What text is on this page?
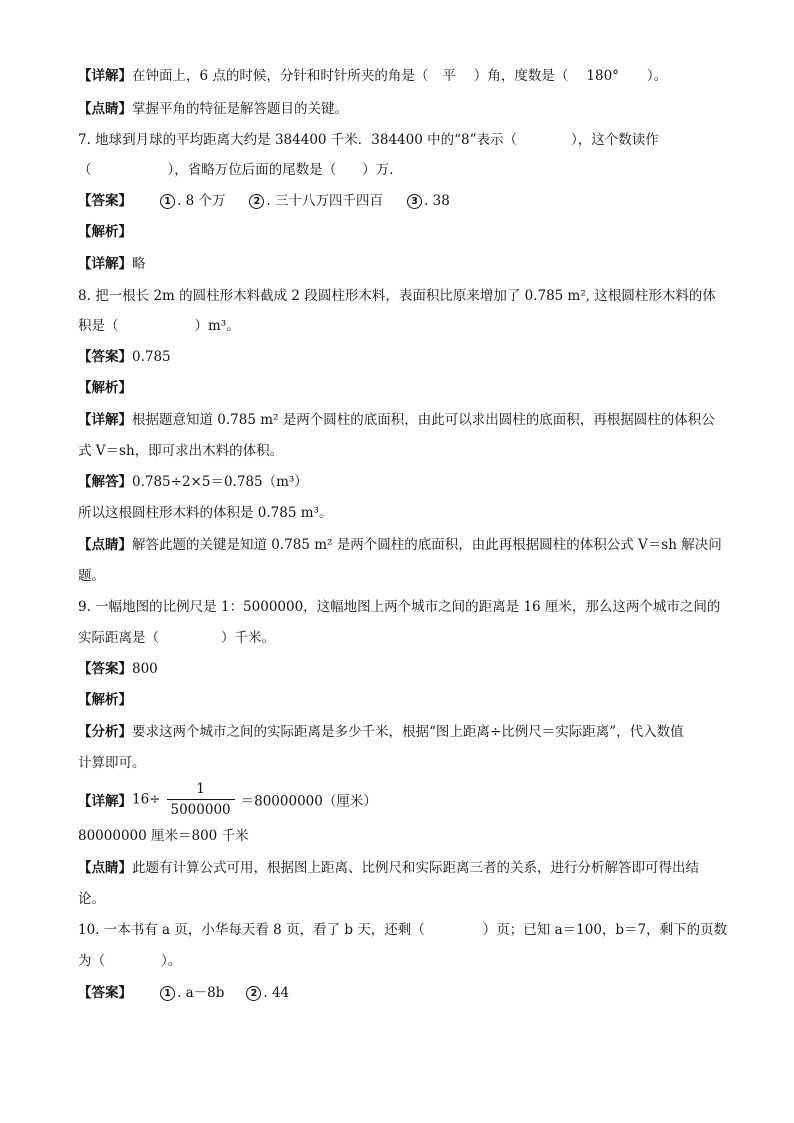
【详解】在钟面上，6 点的时候，分针和时针所夹的角是（ 平 ）角，度数是（ 180° ）。
【点睛】掌握平角的特征是解答题目的关键。
7. 地球到月球的平均距离大约是 384400 千米．384400 中的“8”表示（	），这个数读作
（	），省略万位后面的尾数是（ ）万．
【答案】	1 . 8 个万	2 . 三十八万四千四百	3 . 38
【解析】
【详解】略
8. 把一根长 2m 的圆柱形木料截成 2 段圆柱形木料，表面积比原来增加了 0.785 m², 这根圆柱形木料的体
积是（	）m³。
【答案】0.785
【解析】
【详解】根据题意知道 0.785 m² 是两个圆柱的底面积，由此可以求出圆柱的底面积，再根据圆柱的体积公
式 V＝sh，即可求出木料的体积。
【解答】0.785÷2×5＝0.785（m³）
所以这根圆柱形木料的体积是 0.785 m³。
【点睛】解答此题的关键是知道 0.785 m² 是两个圆柱的底面积，由此再根据圆柱的体积公式 V＝sh 解决问
题。
9. 一幅地图的比例尺是 1：5000000，这幅地图上两个城市之间的距离是 16 厘米，那么这两个城市之间的
实际距离是（	）千米。
【答案】800
【解析】
【分析】要求这两个城市之间的实际距离是多少千米，根据“图上距离÷比例尺＝实际距离”，代入数值
计算即可。
【详解】$16\div \frac{1}{5000000} =80000000$（厘米）
80000000 厘米＝800 千米
【点睛】此题有计算公式可用，根据图上距离、比例尺和实际距离三者的关系，进行分析解答即可得出结
论。
10. 一本书有 a 页，小华每天看 8 页，看了 b 天，还剩（	）页；已知 a＝100，b＝7，剩下的页数
为（	）。
【答案】	1 . a－8b	2 . 44
